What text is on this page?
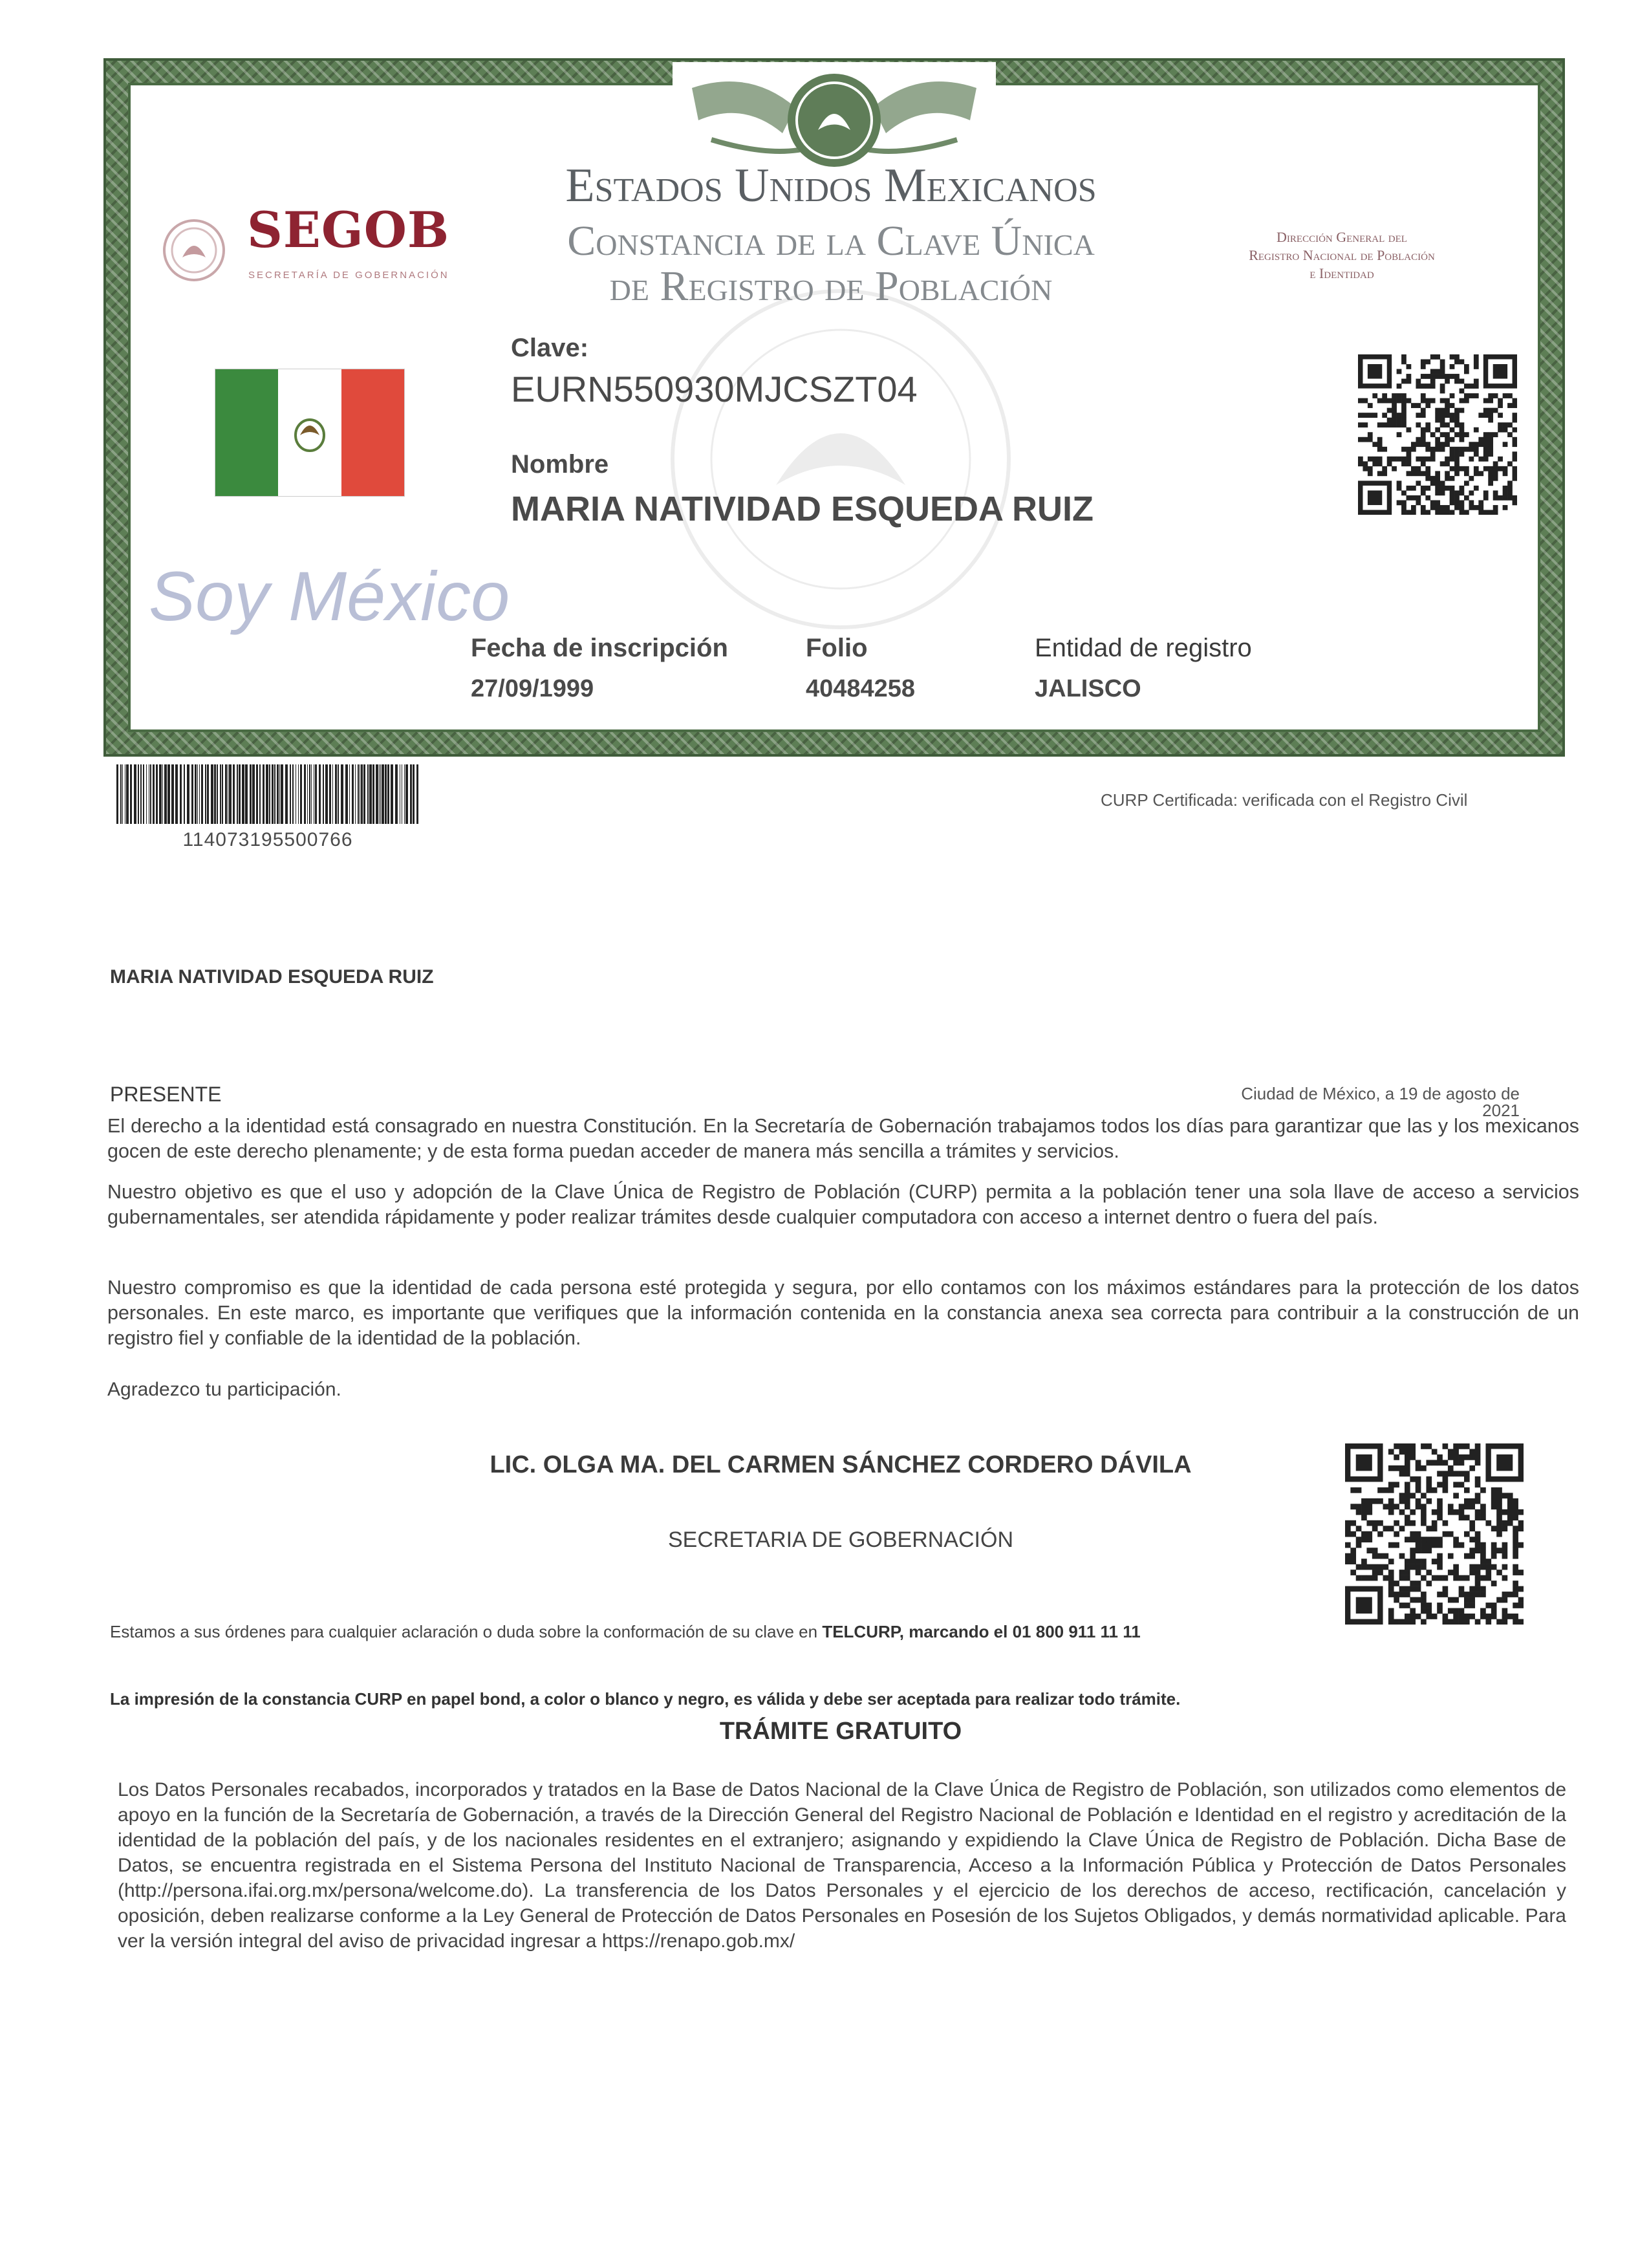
SEGOB
SECRETARÍA DE GOBERNACIÓN
Estados Unidos Mexicanos
Constancia de la Clave Única
de Registro de Población
Dirección General del
Registro Nacional de Población
e Identidad
Soy México
Clave:
EURN550930MJCSZT04
Nombre
MARIA NATIVIDAD ESQUEDA RUIZ
Fecha de inscripción
27/09/1999
Folio
40484258
Entidad de registro
JALISCO
114073195500766
CURP Certificada: verificada con el Registro Civil
MARIA NATIVIDAD ESQUEDA RUIZ
PRESENTE	Ciudad de México, a 19 de agosto de 2021
El derecho a la identidad está consagrado en nuestra Constitución. En la Secretaría de Gobernación trabajamos todos los días para garantizar que las y los mexicanos gocen de este derecho plenamente; y de esta forma puedan acceder de manera más sencilla a trámites y servicios.
Nuestro objetivo es que el uso y adopción de la Clave Única de Registro de Población (CURP) permita a la población tener una sola llave de acceso a servicios gubernamentales, ser atendida rápidamente y poder realizar trámites desde cualquier computadora con acceso a internet dentro o fuera del país.
Nuestro compromiso es que la identidad de cada persona esté protegida y segura, por ello contamos con los máximos estándares para la protección de los datos personales. En este marco, es importante que verifiques que la información contenida en la constancia anexa sea correcta para contribuir a la construcción de un registro fiel y confiable de la identidad de la población.
Agradezco tu participación.
LIC. OLGA MA. DEL CARMEN SÁNCHEZ CORDERO DÁVILA
SECRETARIA DE GOBERNACIÓN
Estamos a sus órdenes para cualquier aclaración o duda sobre la conformación de su clave en TELCURP, marcando el 01 800 911 11 11
La impresión de la constancia CURP en papel bond, a color o blanco y negro, es válida y debe ser aceptada para realizar todo trámite.
TRÁMITE GRATUITO
Los Datos Personales recabados, incorporados y tratados en la Base de Datos Nacional de la Clave Única de Registro de Población, son utilizados como elementos de apoyo en la función de la Secretaría de Gobernación, a través de la Dirección General del Registro Nacional de Población e Identidad en el registro y acreditación de la identidad de la población del país, y de los nacionales residentes en el extranjero; asignando y expidiendo la Clave Única de Registro de Población. Dicha Base de Datos, se encuentra registrada en el Sistema Persona del Instituto Nacional de Transparencia, Acceso a la Información Pública y Protección de Datos Personales (http://persona.ifai.org.mx/persona/welcome.do). La transferencia de los Datos Personales y el ejercicio de los derechos de acceso, rectificación, cancelación y oposición, deben realizarse conforme a la Ley General de Protección de Datos Personales en Posesión de los Sujetos Obligados, y demás normatividad aplicable. Para ver la versión integral del aviso de privacidad ingresar a https://renapo.gob.mx/
